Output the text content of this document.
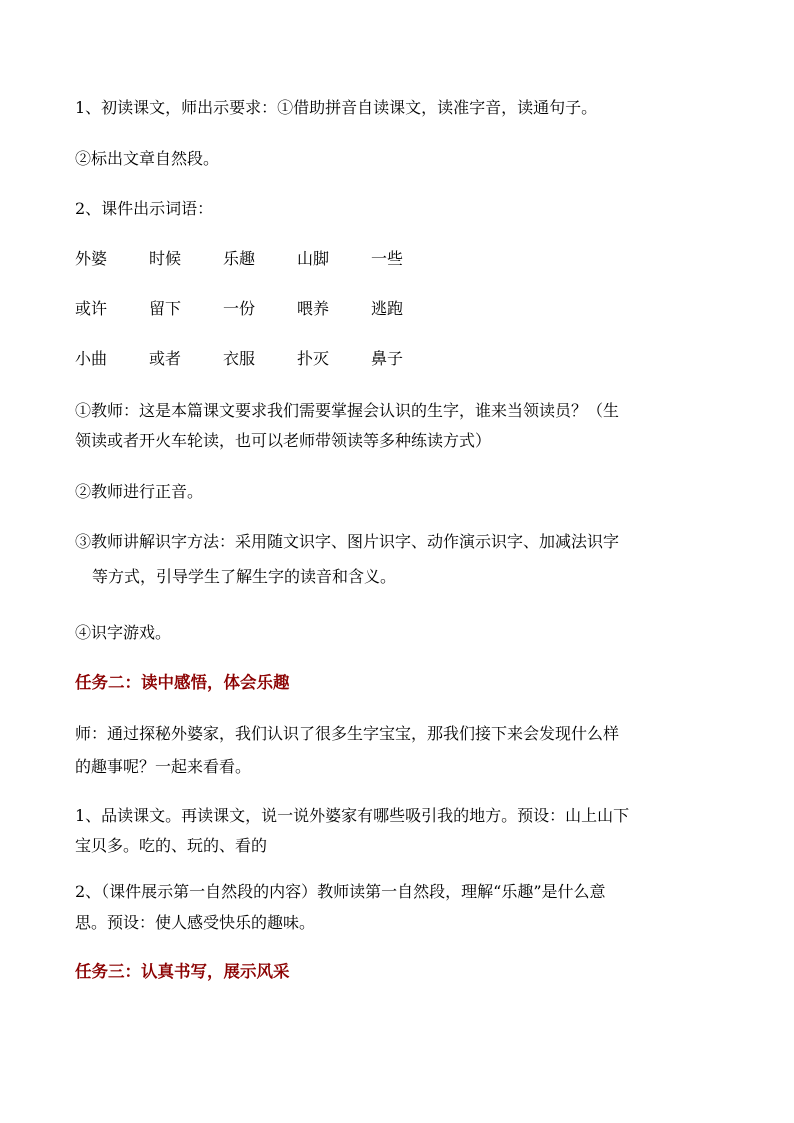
1、初读课文，师出示要求：①借助拼音自读课文，读准字音，读通句子。
②标出文章自然段。
2、课件出示词语：
外婆	时候	乐趣	山脚	一些
或许	留下	一份	喂养	逃跑
小曲	或者	衣服	扑灭	鼻子
①教师：这是本篇课文要求我们需要掌握会认识的生字，谁来当领读员？（生
领读或者开火车轮读，也可以老师带领读等多种练读方式）
②教师进行正音。
③教师讲解识字方法：采用随文识字、图片识字、动作演示识字、加减法识字
等方式，引导学生了解生字的读音和含义。
④识字游戏。
任务二：读中感悟，体会乐趣
师：通过探秘外婆家，我们认识了很多生字宝宝，那我们接下来会发现什么样
的趣事呢？一起来看看。
1、品读课文。再读课文，说一说外婆家有哪些吸引我的地方。预设：山上山下
宝贝多。吃的、玩的、看的
2、（课件展示第一自然段的内容）教师读第一自然段，理解“乐趣”是什么意
思。预设：使人感受快乐的趣味。
任务三：认真书写，展示风采
